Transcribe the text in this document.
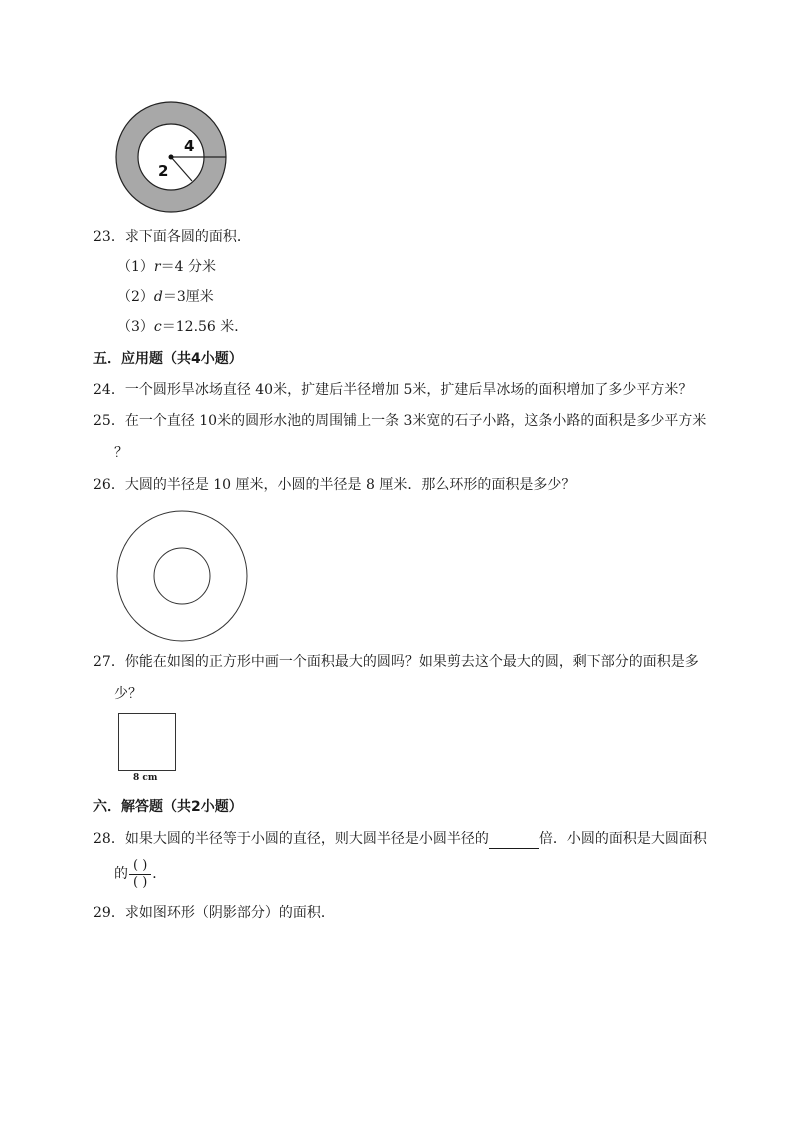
4
2
23．求下面各圆的面积．
（1）r＝4 分米
（2）d＝3厘米
（3）c＝12.56 米．
五．应用题（共4小题）
24．一个圆形旱冰场直径 40米，扩建后半径增加 5米，扩建后旱冰场的面积增加了多少平方米？
25．在一个直径 10米的圆形水池的周围铺上一条 3米宽的石子小路，这条小路的面积是多少平方米
？
26．大圆的半径是 10 厘米，小圆的半径是 8 厘米．那么环形的面积是多少？
27．你能在如图的正方形中画一个面积最大的圆吗？如果剪去这个最大的圆，剩下部分的面积是多
少？
8 cm
六．解答题（共2小题）
28．如果大圆的半径等于小圆的直径，则大圆半径是小圆半径的	倍．小圆的面积是大圆面积
的 $\frac{( )}{( )}$ ．
29．求如图环形（阴影部分）的面积．
